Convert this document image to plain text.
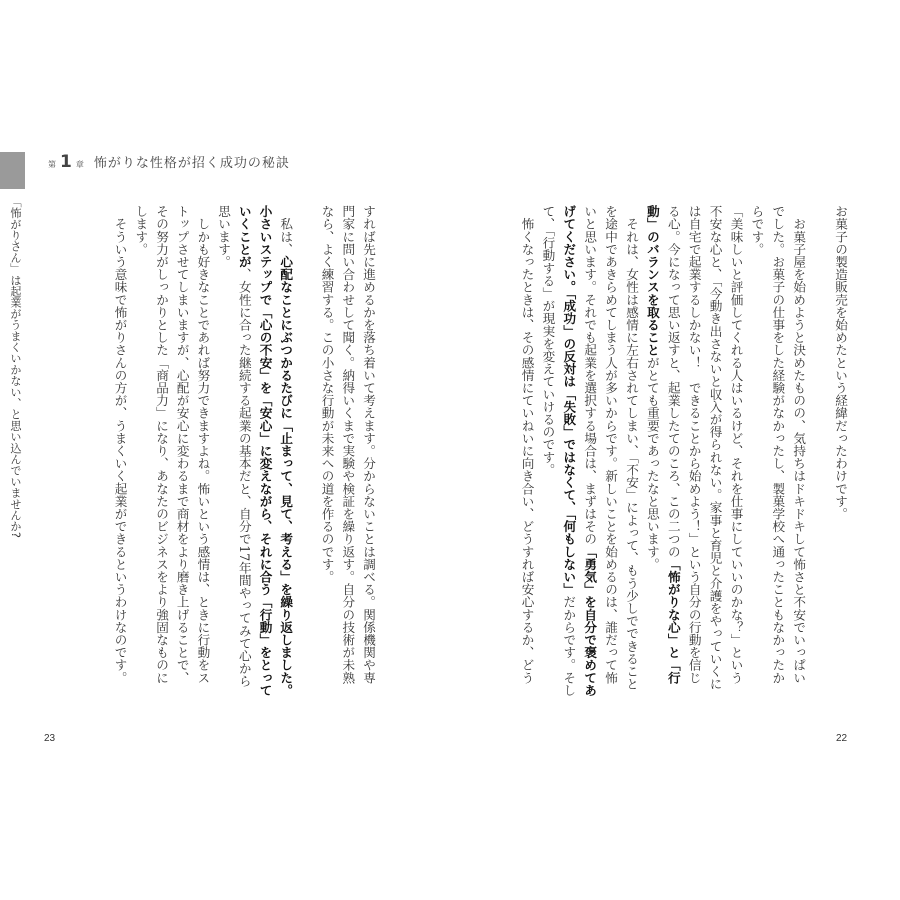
第 1 章 怖がりな性格が招く成功の秘訣
「怖がりさん」は起業がうまくいかない、と思い込んでいませんか?	お菓子の製造販売を始めたという経緯だったわけです。
　お菓子屋を始めようと決めたものの、気持ちはドキドキして怖さと不安でいっぱい
でした。お菓子の仕事をした経験がなかったし、製菓学校へ通ったこともなかったか
らです。
「美味しいと評価してくれる人はいるけど、それを仕事にしていいのかな？」という
不安な心と、「今動き出さないと収入が得られない。家事と育児と介護をやっていくに
は自宅で起業するしかない！　できることから始めよう！」という自分の行動を信じ
る心。今になって思い返すと、起業したてのころ、この二つの「怖がりな心」と「行
動」のバランスを取ることがとても重要であったなと思います。
　それは、女性は感情に左右されてしまい、「不安」によって、もう少しでできること
を途中であきらめてしまう人が多いからです。新しいことを始めるのは、誰だって怖
いと思います。それでも起業を選択する場合は、まずはその「勇気」を自分で褒めてあ
げてください。「成功」の反対は「失敗」ではなくて、「何もしない」だからです。そし
て、「行動する」が現実を変えていけるのです。
　怖くなったときは、その感情にていねいに向き合い、どうすれば安心するか、どう
すれば先に進めるかを落ち着いて考えます。分からないことは調べる。関係機関や専
門家に問い合わせして聞く。納得いくまで実験や検証を繰り返す。自分の技術が未熟
なら、よく練習する。この小さな行動が未来への道を作るのです。
　私は、心配なことにぶつかるたびに「止まって、見て、考える」を繰り返しました。
小さいステップで「心の不安」を「安心」に変えながら、それに合う「行動」をとって
いくことが、女性に合った継続する起業の基本だと、自分で17年間やってみて心から
思います。
　しかも好きなことであれば努力できますよね。怖いという感情は、ときに行動をス
トップさせてしまいますが、心配が安心に変わるまで商材をより磨き上げることで、
その努力がしっかりとした「商品力」になり、あなたのビジネスをより強固なものに
します。
　そういう意味で怖がりさんの方が、うまくいく起業ができるというわけなのです。
23	22
